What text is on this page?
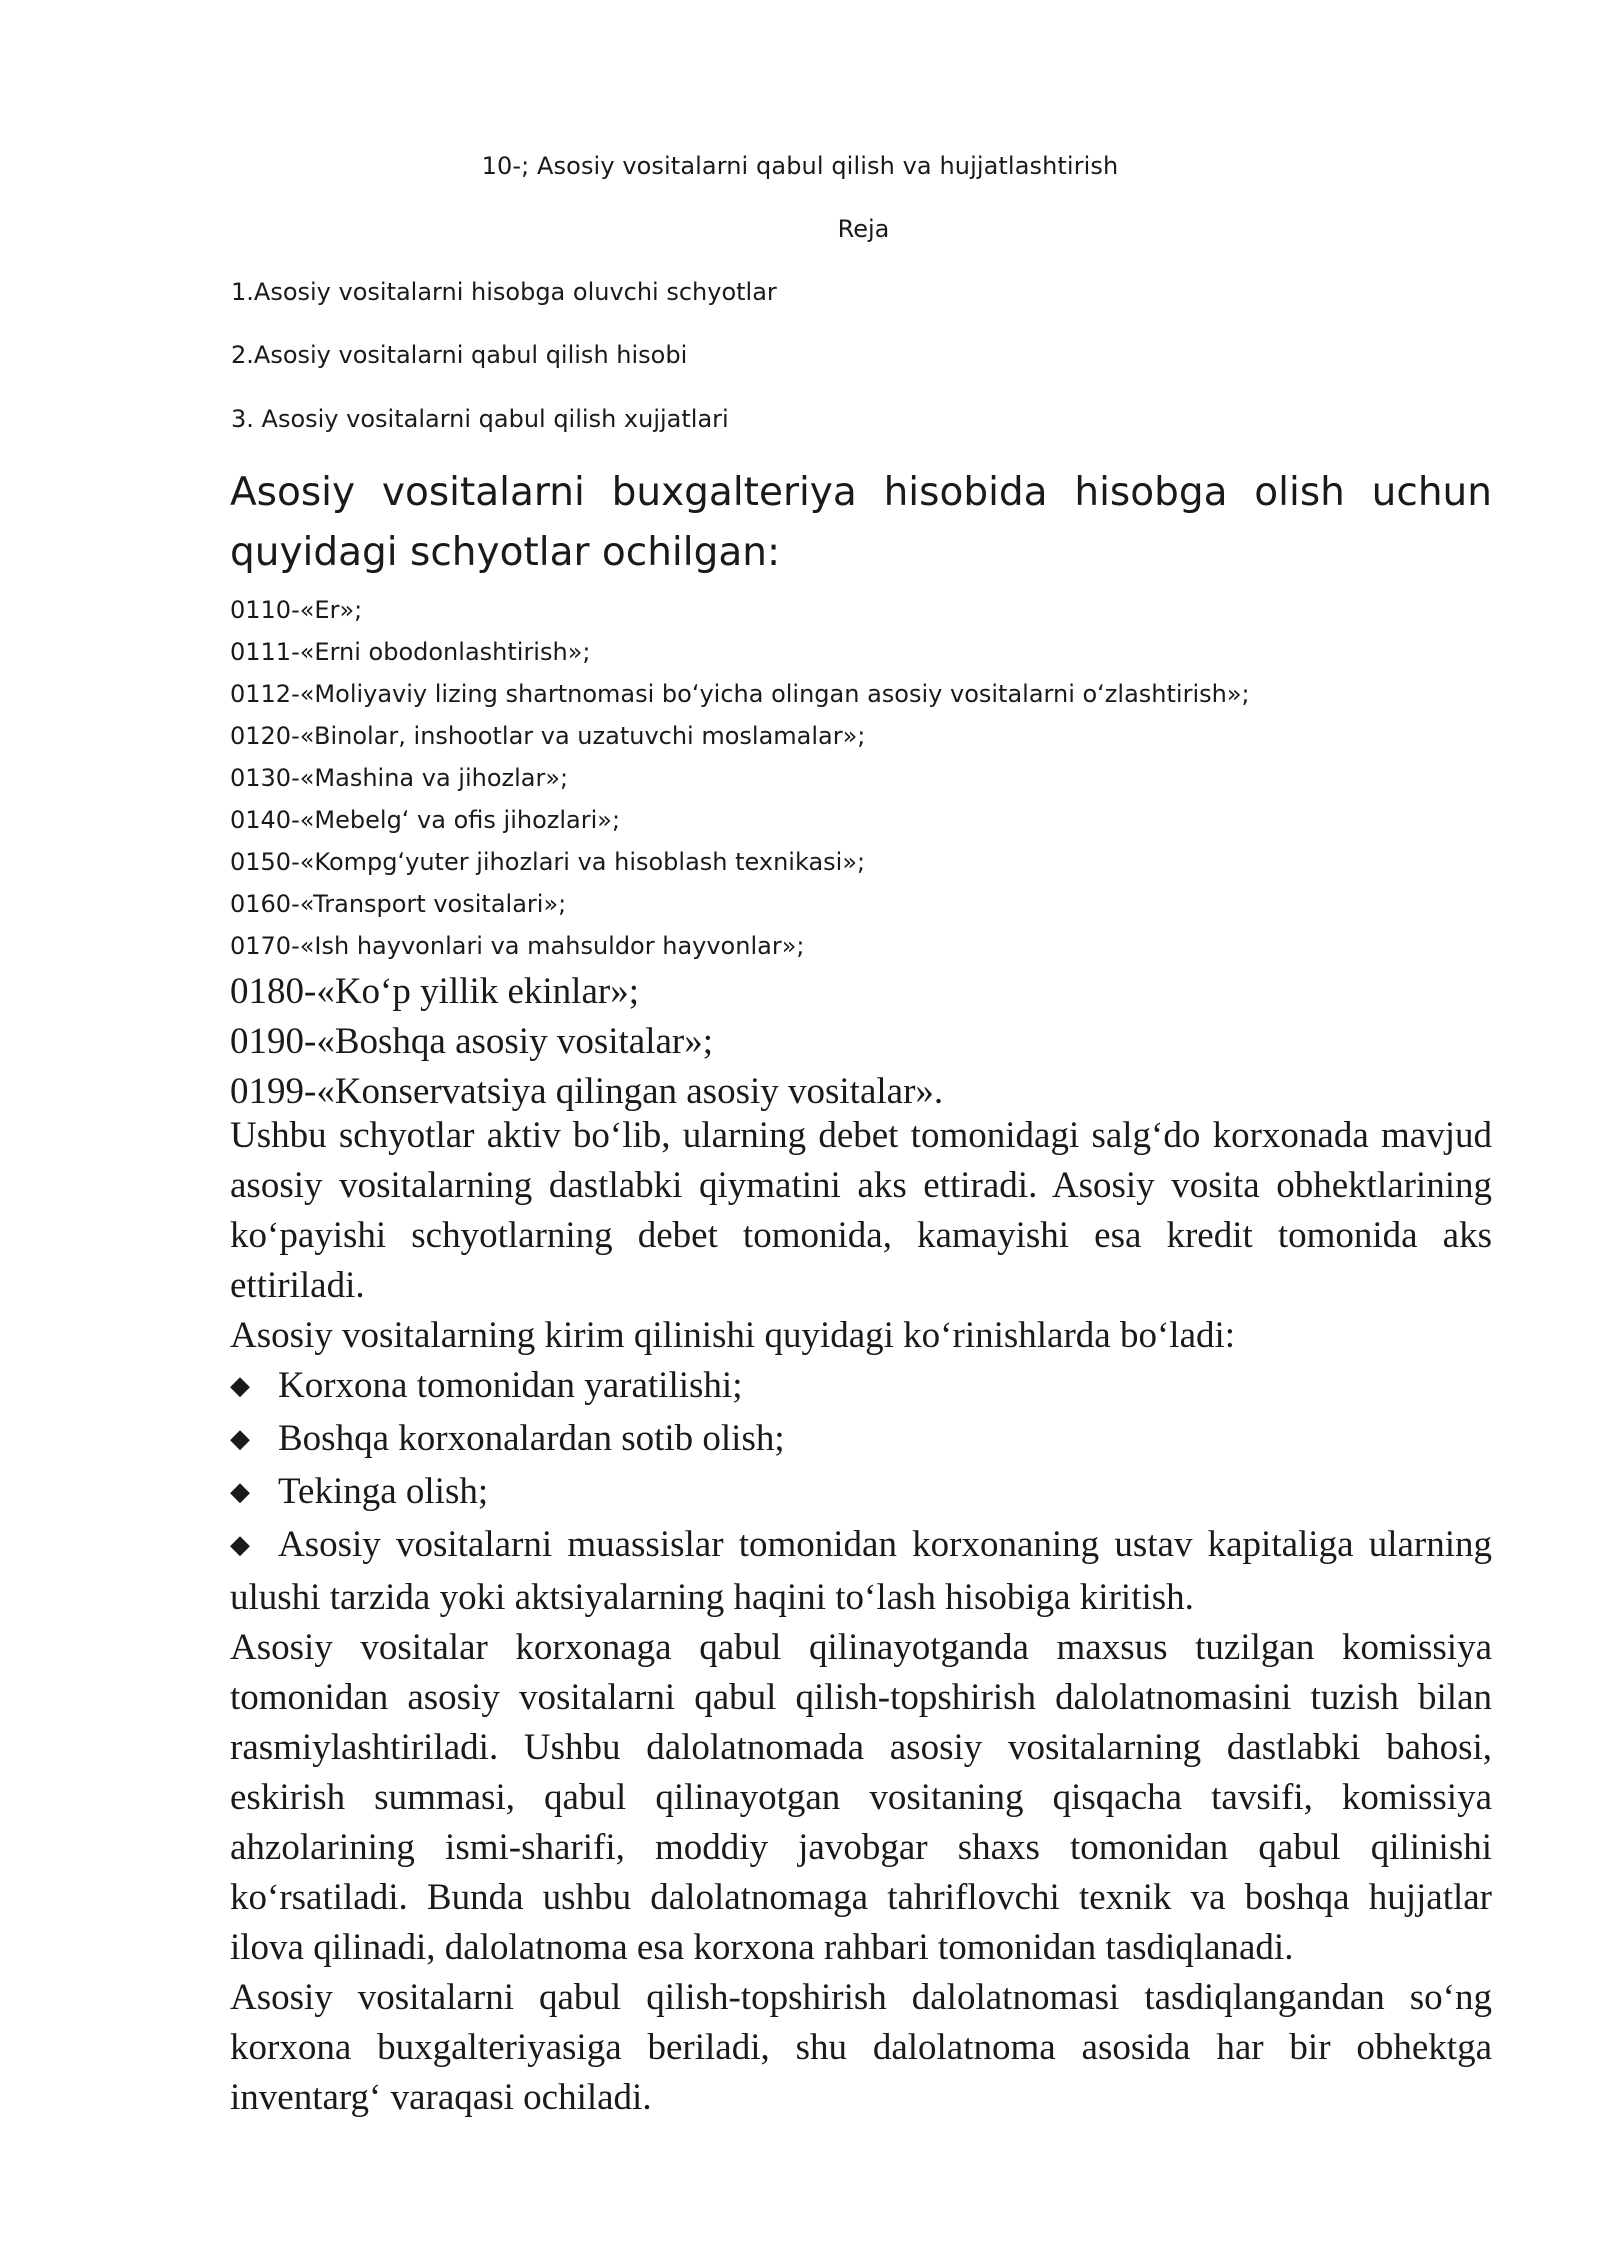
10-; Asosiy vositalarni qabul qilish va hujjatlashtirish
Reja
1.Asosiy vositalarni hisobga oluvchi schyotlar
2.Asosiy vositalarni qabul qilish hisobi
3. Asosiy vositalarni qabul qilish xujjatlari
Asosiy vositalarni buxgalteriya hisobida hisobga olish uchun quyidagi schyotlar ochilgan:
0110-«Er»;
0111-«Erni obodonlashtirish»;
0112-«Moliyaviy lizing shartnomasi boʻyicha olingan asosiy vositalarni oʻzlashtirish»;
0120-«Binolar, inshootlar va uzatuvchi moslamalar»;
0130-«Mashina va jihozlar»;
0140-«Mebelgʻ va ofis jihozlari»;
0150-«Kompgʻyuter jihozlari va hisoblash texnikasi»;
0160-«Transport vositalari»;
0170-«Ish hayvonlari va mahsuldor hayvonlar»;
0180-«Koʻp yillik ekinlar»;
0190-«Boshqa asosiy vositalar»;
0199-«Konservatsiya qilingan asosiy vositalar».

Ushbu schyotlar aktiv boʻlib, ularning debet tomonidagi salgʻdo korxonada mavjud asosiy vositalarning dastlabki qiymatini aks ettiradi. Asosiy vosita obhektlarining koʻpayishi schyotlarning debet tomonida, kamayishi esa kredit tomonida aks ettiriladi.

Asosiy vositalarning kirim qilinishi quyidagi koʻrinishlarda boʻladi:

◆ Korxona tomonidan yaratilishi;
◆ Boshqa korxonalardan sotib olish;
◆ Tekinga olish;

◆ Asosiy vositalarni muassislar tomonidan korxonaning ustav kapitaliga ularning ulushi tarzida yoki aktsiyalarning haqini toʻlash hisobiga kiritish.

Asosiy vositalar korxonaga qabul qilinayotganda maxsus tuzilgan komissiya tomonidan asosiy vositalarni qabul qilish-topshirish dalolatnomasini tuzish bilan rasmiylashtiriladi. Ushbu dalolatnomada asosiy vositalarning dastlabki bahosi, eskirish summasi, qabul qilinayotgan vositaning qisqacha tavsifi, komissiya ahzolarining ismi-sharifi, moddiy javobgar shaxs tomonidan qabul qilinishi koʻrsatiladi. Bunda ushbu dalolatnomaga tahriflovchi texnik va boshqa hujjatlar ilova qilinadi, dalolatnoma esa korxona rahbari tomonidan tasdiqlanadi.

Asosiy vositalarni qabul qilish-topshirish dalolatnomasi tasdiqlangandan soʻng korxona buxgalteriyasiga beriladi, shu dalolatnoma asosida har bir obhektga inventargʻ varaqasi ochiladi.
